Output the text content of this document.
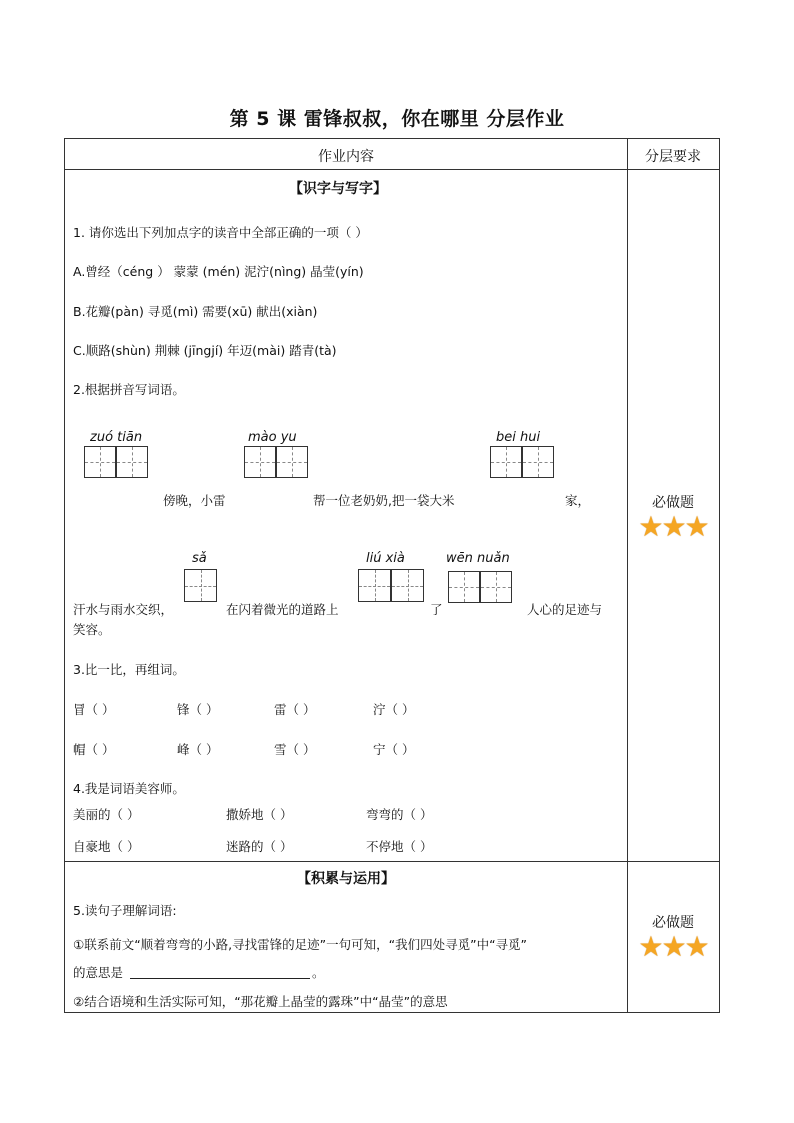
第 5 课 雷锋叔叔，你在哪里 分层作业
作业内容	分层要求
【识字与写字】
1. 请你选出下列加点字的读音中全部正确的一项（ ）
A.曾经（céng ） 蒙蒙 (mén) 泥泞(nìng) 晶莹(yín)
B.花瓣(pàn) 寻觅(mì) 需要(xū) 献出(xiàn)
C.顺路(shùn) 荆棘 (jīngjí) 年迈(mài) 踏青(tà)
2.根据拼音写词语。
zuó tiān	mào yu	bei hui
傍晚，小雷	帮一位老奶奶,把一袋大米	家，
sǎ	liú xià	wēn nuǎn
汗水与雨水交织，	在闪着微光的道路上	了	人心的足迹与
笑容。
3.比一比，再组词。
冒（ ）	锋（ ）	雷（ ）	泞（ ）
帽（ ）	峰（ ）	雪（ ）	宁（ ）
4.我是词语美容师。
美丽的（ ）	撒娇地（ ）	弯弯的（ ）
自豪地（ ）	迷路的（ ）	不停地（ ）
必做题
★★★
【积累与运用】
5.读句子理解词语:
①联系前文“顺着弯弯的小路,寻找雷锋的足迹”一句可知，“我们四处寻觅”中“寻觅”
的意思是	。
②结合语境和生活实际可知，“那花瓣上晶莹的露珠”中“晶莹”的意思
必做题
★★★
